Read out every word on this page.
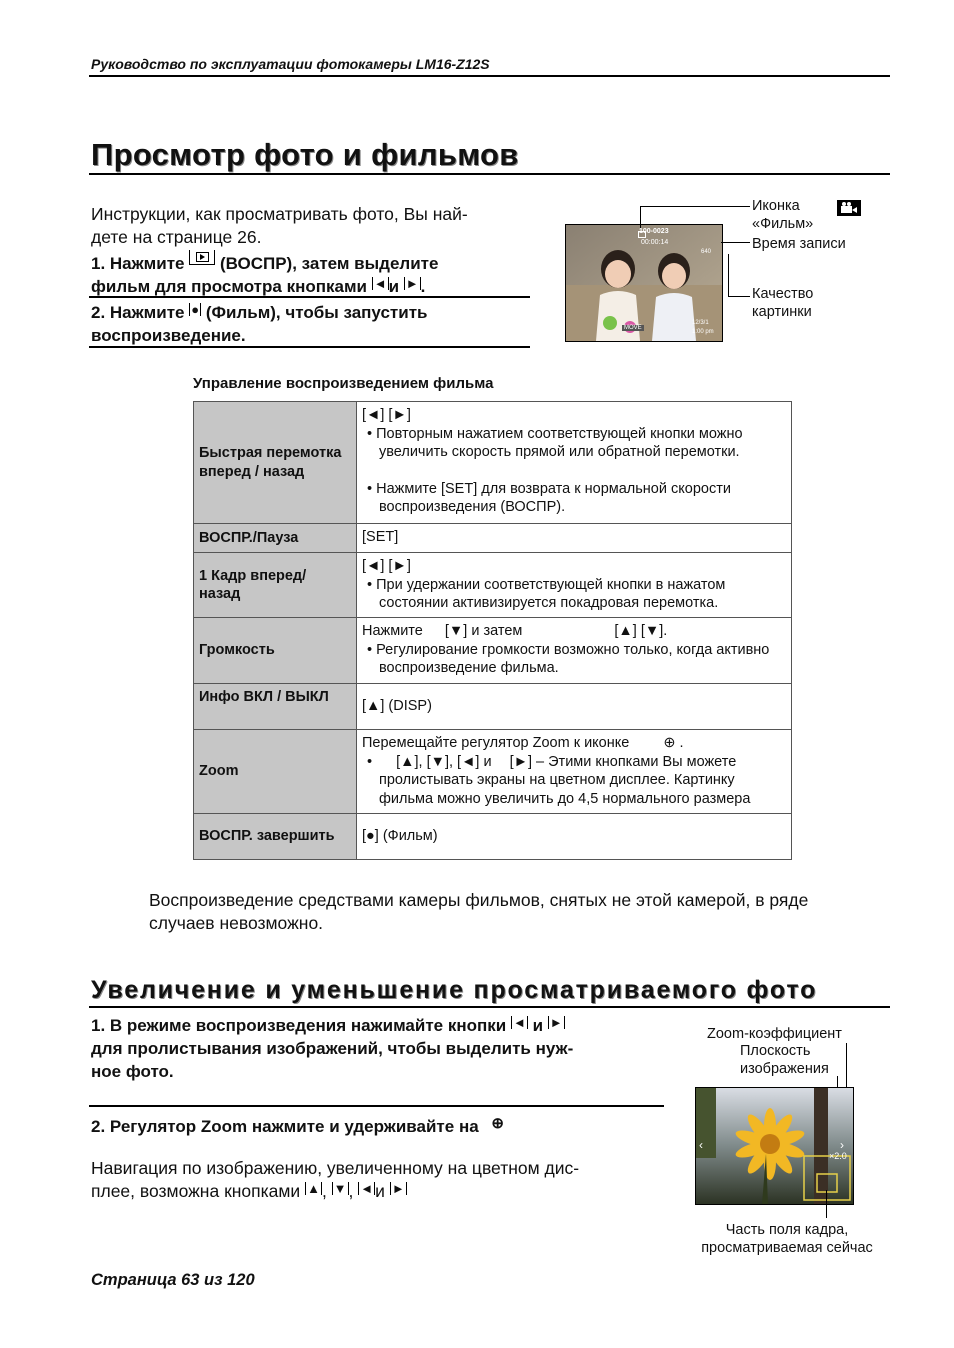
Руководство по эксплуатации фотокамеры LM16-Z12S
Просмотр фото и фильмов
Инструкции, как просматривать фото, Вы най-
дете на странице 26.
1. Нажмите (ВОСПР), затем выделите
фильм для просмотра кнопками ◄ и ► .
2. Нажмите ● (Фильм), чтобы запустить
воспроизведение.
100-0023
00:00:14
640
MOVE
12/3/1
1:00 pm
Иконка
«Фильм»
Время записи
Качество
картинки
Управление воспроизведением фильма
Быстрая перемотка вперед / назад	[◄] [►]
• Повторным нажатием соответствующей кнопки можно увеличить скорость прямой или обратной перемотки.
• Нажмите [SET] для возврата к нормальной скорости воспроизведения (ВОСПР).

ВОСПР./Пауза	[SET]
1 Кадр вперед/ назад	[◄] [►]
• При удержании соответствующей кнопки в нажатом состоянии активизируется покадровая перемотка.

Громкость	Нажмите [▼] и затем [▲] [▼].
• Регулирование громкости возможно только, когда активно воспроизведение фильма.

Инфо ВКЛ / ВЫКЛ	[▲] (DISP)
Zoom	Перемещайте регулятор Zoom к иконке ⊕ .
• [▲], [▼], [◄] и [►] – Этими кнопками Вы можете пролистывать экраны на цветном дисплее. Картинку фильма можно увеличить до 4,5 нормального размера

ВОСПР. завершить	[●] (Фильм)
Воспроизведение средствами камеры фильмов, снятых не этой камерой, в ряде
случаев невозможно.
Увеличение и уменьшение просматриваемого фото
1. В режиме воспроизведения нажимайте кнопки ◄ и ►
для пролистывания изображений, чтобы выделить нуж-
ное фото.
2. Регулятор Zoom нажмите и удерживайте на ⊕
Навигация по изображению, увеличенному на цветном дис-
плее, возможна кнопками ▲ , ▼ , ◄ и ►
Zoom-коэффициент
Плоскость
изображения
‹	›
×2.0
Часть поля кадра,
просматриваемая сейчас
Страница 63 из 120
